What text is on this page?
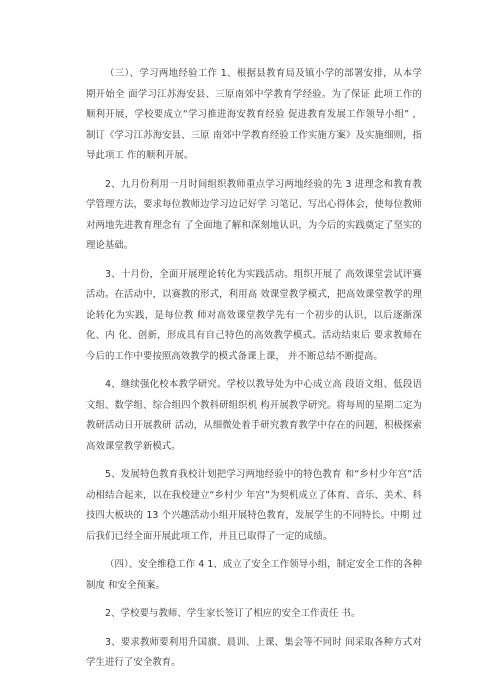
（三）、学习两地经验工作 1、根据县教育局及镇小学的部署安排，从本学期开始全 面学习江苏海安县、三原南郊中学教育学经验。为了保证 此项工作的顺利开展，学校要成立“学习推进海安教育经验 促进教育发展工作领导小组” ，制订《学习江苏海安县、三原 南郊中学教育经验工作实施方案》及实施细则，指导此项工 作的顺利开展。

2、九月份利用一月时间组织教师重点学习两地经验的先 3 进理念和教育教学管理方法，要求每位教师边学习边记好学 习笔记、写出心得体会，使每位教师对两地先进教育理念有 了全面地了解和深刻地认识，为今后的实践奠定了坚实的理论基础。

3、十月份，全面开展理论转化为实践活动。组织开展了 高效课堂尝试评赛活动。在活动中，以赛教的形式，利用高 效课堂教学模式，把高效课堂教学的理论转化为实践，是每位教 师对高效课堂教学先有一个初步的认识，以后逐渐深化、内 化、创新，形成具有自己特色的高效教学模式。活动结束后 要求教师在今后的工作中要按照高效教学的模式备课上课， 并不断总结不断提高。

4、继续强化校本教学研究。学校以教导处为中心成立高 段语文组、低段语文组、数学组、综合组四个教科研组织机 构开展教学研究。将每周的星期二定为教研活动日开展教研 活动，从细微处着手研究教育教学中存在的问题，积极探索 高效课堂教学新模式。

5、发展特色教育我校计划把学习两地经验中的特色教育 和“乡村少年宫”活动相结合起来，以在我校建立“乡村少 年宫”为契机成立了体育、音乐、美术、科技四大板块的 13 个兴趣活动小组开展特色教育，发展学生的不同特长。中期 过后我们已经全面开展此项工作，并且已取得了一定的成绩。

（四）、安全维稳工作 4 1、成立了安全工作领导小组，制定安全工作的各种制度 和安全预案。

2、学校要与教师、学生家长签订了相应的安全工作责任 书。

3、要求教师要利用升国旗、晨训、上课、集会等不同时 间采取各种方式对学生进行了安全教育。
